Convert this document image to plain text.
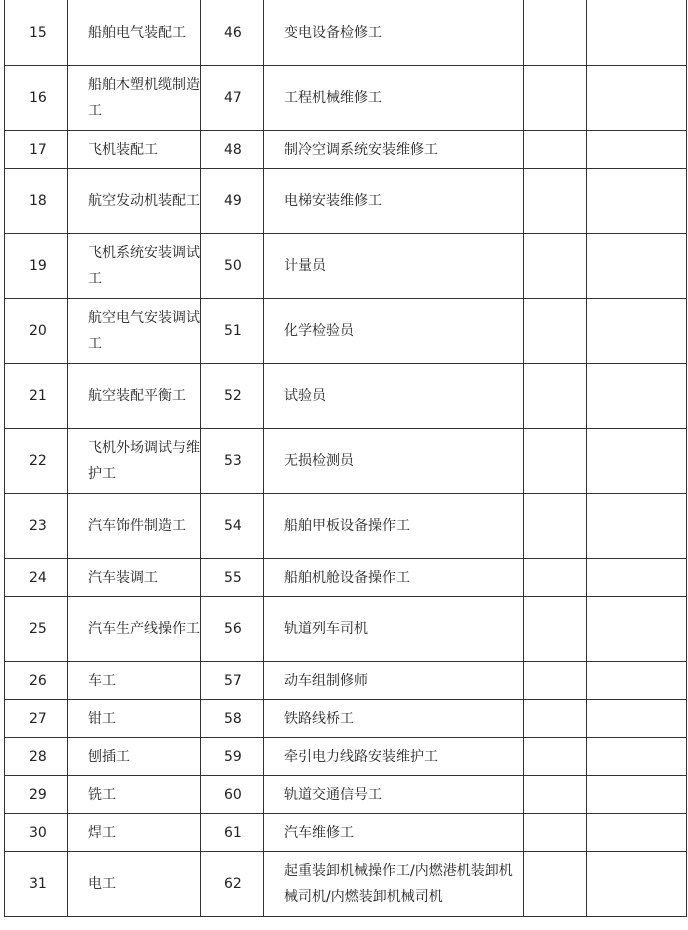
15	船舶电气装配工	46	变电设备检修工		
16	船舶木塑机缆制造工	47	工程机械维修工		
17	飞机装配工	48	制冷空调系统安装维修工		
18	航空发动机装配工	49	电梯安装维修工		
19	飞机系统安装调试工	50	计量员		
20	航空电气安装调试工	51	化学检验员		
21	航空装配平衡工	52	试验员		
22	飞机外场调试与维护工	53	无损检测员		
23	汽车饰件制造工	54	船舶甲板设备操作工		
24	汽车装调工	55	船舶机舱设备操作工		
25	汽车生产线操作工	56	轨道列车司机		
26	车工	57	动车组制修师		
27	钳工	58	铁路线桥工		
28	刨插工	59	牵引电力线路安装维护工		
29	铣工	60	轨道交通信号工		
30	焊工	61	汽车维修工		
31	电工	62	起重装卸机械操作工/内燃港机装卸机械司机/内燃装卸机械司机		
